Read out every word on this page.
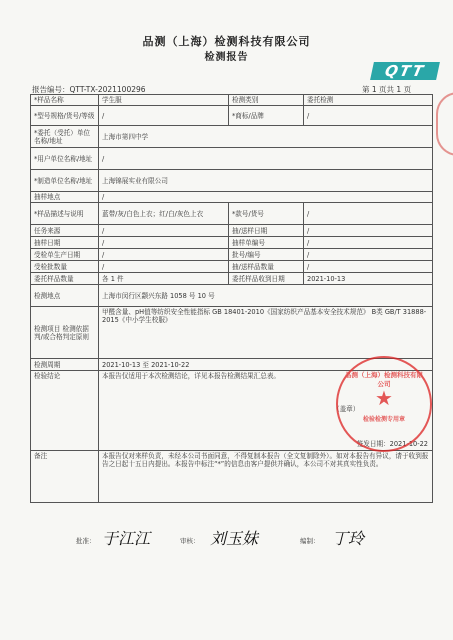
品测（上海）检测科技有限公司
检测报告
QTT
报告编号：QTT-TX-2021100296	第 1 页共 1 页
*样品名称	学生服	检测类别	委托检测
*型号规格/货号/等级	/	*商标/品牌	/
*委托（受托）单位名称/地址	上海市第四中学		
*用户单位名称/地址	/		
*制造单位名称/地址	上海锦展实业有限公司		
抽样地点	/		
*样品描述与说明	蓝带/灰/白色上衣；红/白/灰色上衣	*款号/货号	/
任务来源	/	抽/送样日期	/
抽样日期	/	抽样单编号	/
受检单生产日期	/	批号/编号	/
受检批数量	/	抽/送样品数量	/
委托样品数量	各 1 件	委托样品收到日期	2021-10-13
检测地点	上海市闵行区颛兴东路 1058 号 10 号		
检测项目 检测依据 判/或合格判定原则	甲醛含量、pH值等纺织安全性能指标 GB 18401-2010《国家纺织产品基本安全技术规范》 B类 GB/T 31888-2015《中小学生校服》		
检测周期	2021-10-13 至 2021-10-22		
检验结论	本报告仅适用于本次检测结论，详见本报告检测结果汇总表。
（盖章）
签发日期：2021-10-22		

备注	本报告仅对来样负责，未经本公司书面同意，不得复制本报告（全文复制除外）。如对本报告有异议，请于收到报告之日起十五日内提出。本报告中标注“*”的信息由客户提供并确认，本公司不对其真实性负责。		
品测（上海）检测科技有限公司
★
检验检测专用章
批准： 于江江	审核： 刘玉妹	编制： 丁玲
